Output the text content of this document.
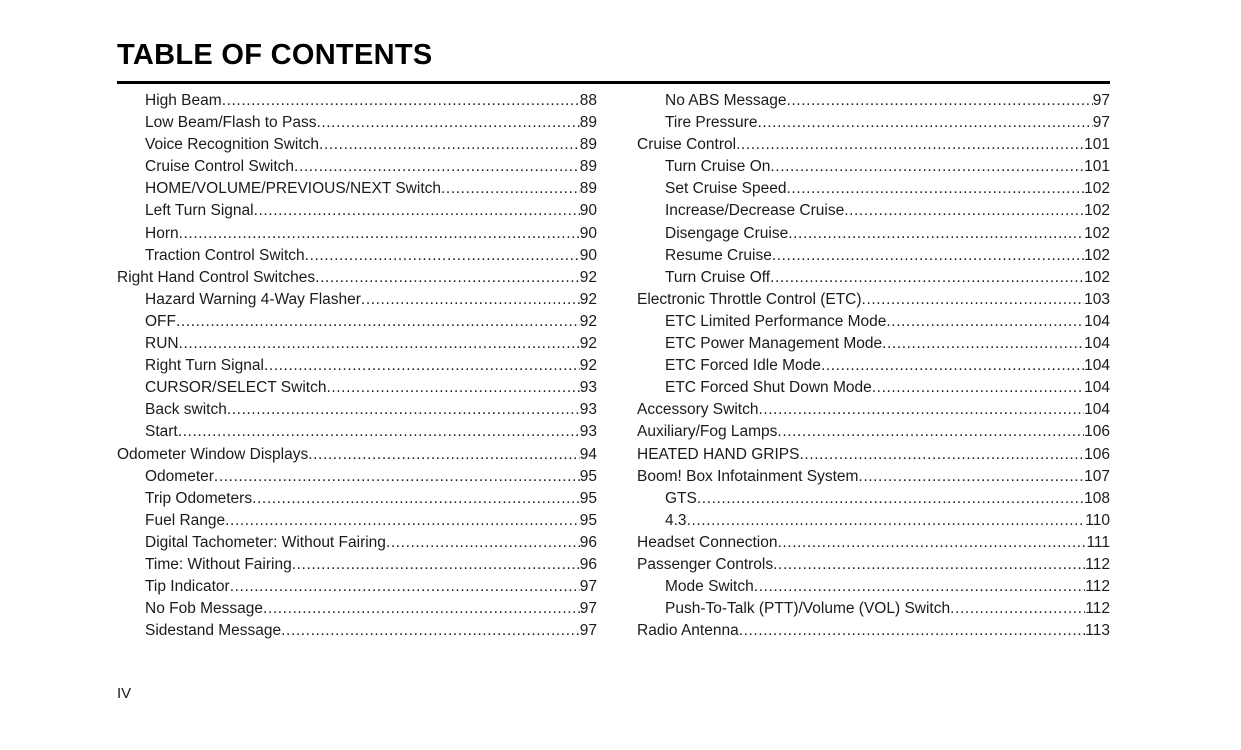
TABLE OF CONTENTS
High Beam .....	88
Low Beam/Flash to Pass .....	89
Voice Recognition Switch .....	89
Cruise Control Switch .....	89
HOME/VOLUME/PREVIOUS/NEXT Switch .....	89
Left Turn Signal .....	90
Horn .....	90
Traction Control Switch .....	90
Right Hand Control Switches .....	92
Hazard Warning 4-Way Flasher .....	92
OFF .....	92
RUN .....	92
Right Turn Signal .....	92
CURSOR/SELECT Switch .....	93
Back switch .....	93
Start .....	93
Odometer Window Displays .....	94
Odometer .....	95
Trip Odometers .....	95
Fuel Range .....	95
Digital Tachometer: Without Fairing .....	96
Time: Without Fairing .....	96
Tip Indicator .....	97
No Fob Message .....	97
Sidestand Message .....	97
No ABS Message .....	97
Tire Pressure .....	97
Cruise Control .....	101
Turn Cruise On .....	101
Set Cruise Speed .....	102
Increase/Decrease Cruise .....	102
Disengage Cruise .....	102
Resume Cruise .....	102
Turn Cruise Off .....	102
Electronic Throttle Control (ETC) .....	103
ETC Limited Performance Mode .....	104
ETC Power Management Mode .....	104
ETC Forced Idle Mode .....	104
ETC Forced Shut Down Mode .....	104
Accessory Switch .....	104
Auxiliary/Fog Lamps .....	106
HEATED HAND GRIPS .....	106
Boom! Box Infotainment System .....	107
GTS .....	108
4.3 .....	110
Headset Connection .....	111
Passenger Controls .....	112
Mode Switch .....	112
Push-To-Talk (PTT)/Volume (VOL) Switch .....	112
Radio Antenna .....	113
IV
